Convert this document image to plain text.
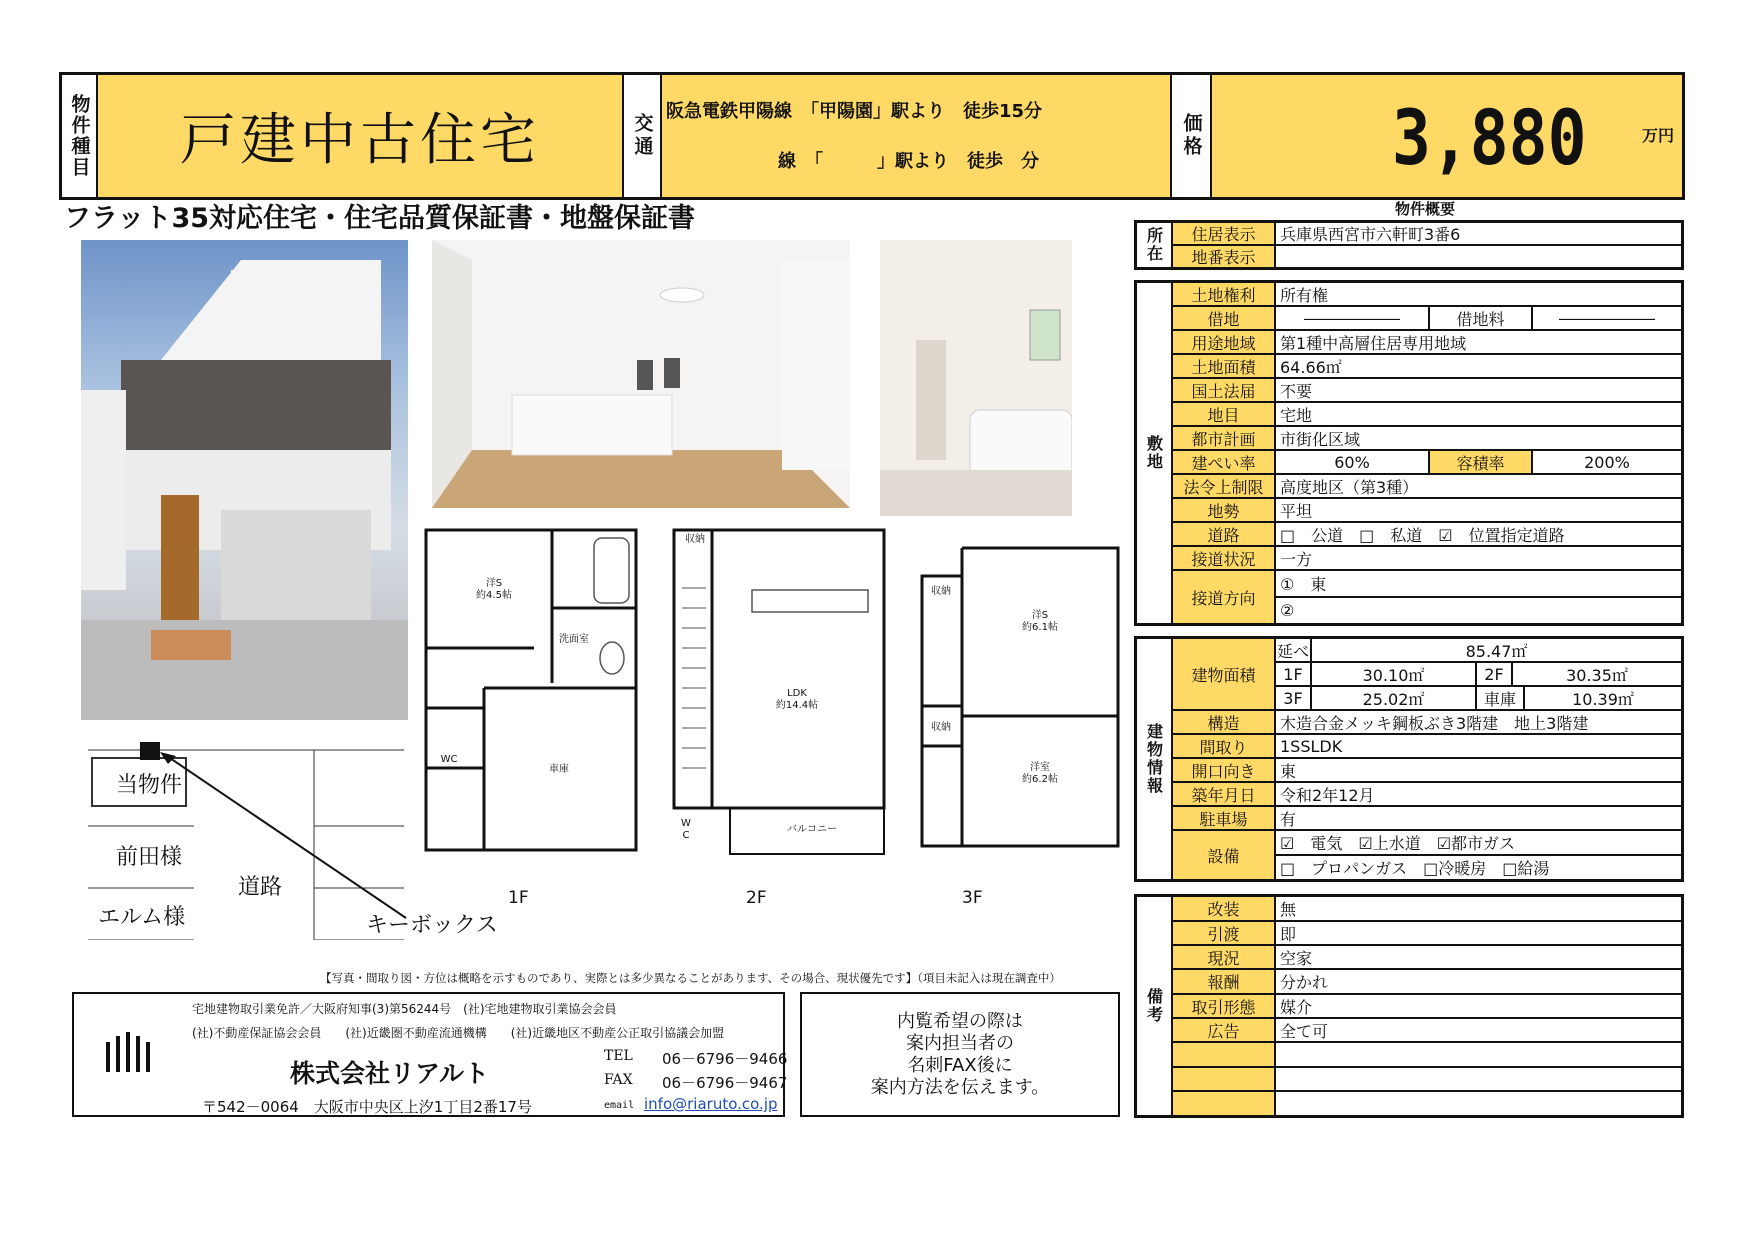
物件種目 戸建中古住宅	交通
阪急電鉄甲陽線　「甲陽園」駅より　徒歩15分
線　「　　　」駅より　徒歩　分
価格 3,880	万円
フラット35対応住宅・住宅品質保証書・地盤保証書
洋S
約4.5帖
洗面室
WC
車庫
収納
LDK
約14.4帖
バルコニー
W
C
収納
洋S
約6.1帖
収納
洋室
約6.2帖
1F	2F	3F
当物件
前田様
エルム様
道路
キーボックス
【写真・間取り図・方位は概略を示すものであり、実際とは多少異なることがあります、その場合、現状優先です】（項目未記入は現在調査中）
宅地建物取引業免許／大阪府知事(3)第56244号　(社)宅地建物取引業協会会員
(社)不動産保証協会会員　　(社)近畿圏不動産流通機構　　(社)近畿地区不動産公正取引協議会加盟
株式会社リアルト
TEL 06－6796－9466
FAX 06－6796－9467
〒542－0064　大阪市中央区上汐1丁目2番17号	email info@riaruto.co.jp
内覧希望の際は
案内担当者の
名刺FAX後に
案内方法を伝えます。
物件概要
所在	住居表示	兵庫県西宮市六軒町3番6
地番表示
敷地
土地権利	所有権
借地	――――――	借地料	――――――
用途地域	第1種中高層住居専用地域
土地面積	64.66㎡
国土法届	不要
地目	宅地
都市計画	市街化区域
建ぺい率	60%	容積率	200%
法令上制限	高度地区（第3種）
地勢	平坦
道路	□　公道　□　私道　☑　位置指定道路
接道状況	一方
接道方向
①　東
②
建物情報
建物面積
延べ	85.47㎡
1F	30.10㎡	2F	30.35㎡
3F	25.02㎡	車庫	10.39㎡
構造	木造合金メッキ鋼板ぶき3階建　地上3階建
間取り	1SSLDK
開口向き	東
築年月日	令和2年12月
駐車場	有
設備
☑　電気　☑上水道　☑都市ガス
□　プロパンガス　□冷暖房　□給湯
備考
改装	無
引渡	即
現況	空家
報酬	分かれ
取引形態	媒介
広告	全て可
